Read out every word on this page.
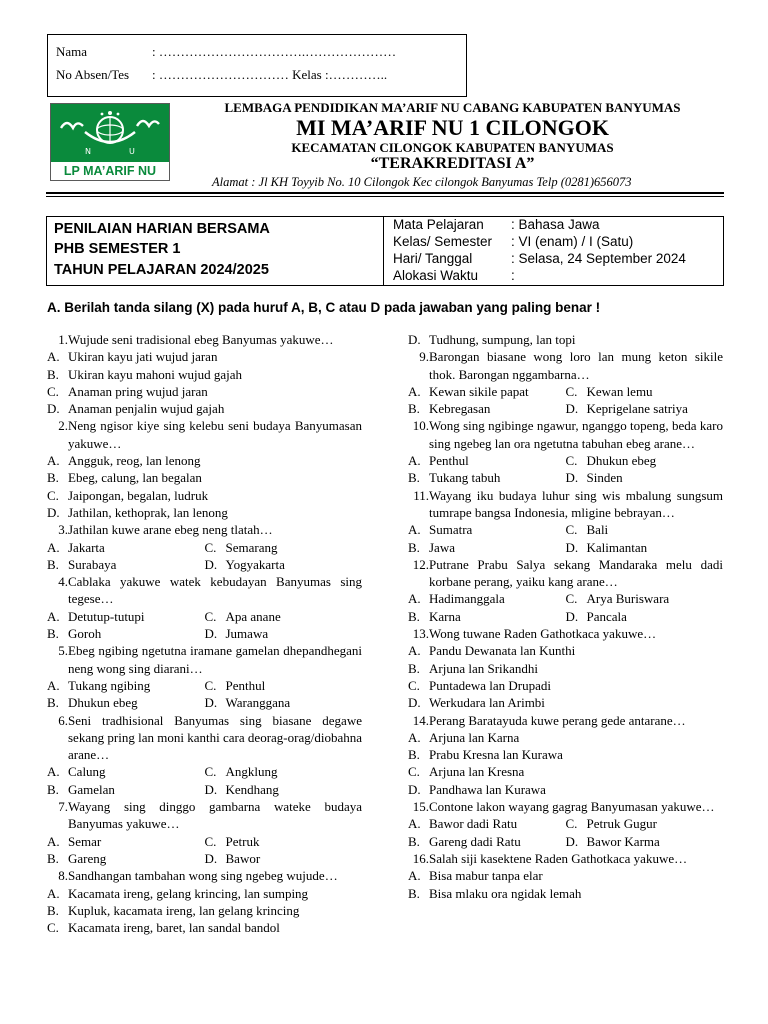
Nama	: …………………………….…………………
No Absen/Tes : ………………………… Kelas :…………..
N	U
LP MA’ARIF NU
LEMBAGA PENDIDIKAN MA’ARIF NU CABANG KABUPATEN BANYUMAS
MI MA’ARIF NU 1 CILONGOK
KECAMATAN CILONGOK KABUPATEN BANYUMAS
“TERAKREDITASI A”
Alamat : Jl KH Toyyib No. 10 Cilongok Kec cilongok Banyumas Telp (0281)656073
PENILAIAN HARIAN BERSAMA
PHB SEMESTER 1
TAHUN PELAJARAN 2024/2025
Mata Pelajaran : Bahasa Jawa
Kelas/ Semester : VI (enam) / I (Satu)
Hari/ Tanggal	: Selasa, 24 September 2024
Alokasi Waktu :
A. Berilah tanda silang (X) pada huruf A, B, C atau D pada jawaban yang paling benar !
1. Wujude seni tradisional ebeg Banyumas yakuwe…
A. Ukiran kayu jati wujud jaran
B. Ukiran kayu mahoni wujud gajah
C. Anaman pring wujud jaran
D. Anaman penjalin wujud gajah
2. Neng ngisor kiye sing kelebu seni budaya Banyumasan yakuwe…
A. Angguk, reog, lan lenong
B. Ebeg, calung, lan begalan
C. Jaipongan, begalan, ludruk
D. Jathilan, kethoprak, lan lenong
3. Jathilan kuwe arane ebeg neng tlatah…
A. Jakarta	C. Semarang
B. Surabaya	D. Yogyakarta
4. Cablaka yakuwe watek kebudayan Banyumas sing tegese…
A. Detutup-tutupi	C. Apa anane
B. Goroh	D. Jumawa
5. Ebeg ngibing ngetutna iramane gamelan dhepandhegani neng wong sing diarani…
A. Tukang ngibing	C. Penthul
B. Dhukun ebeg	D. Waranggana
6. Seni tradhisional Banyumas sing biasane degawe sekang pring lan moni kanthi cara deorag-orag/diobahna arane…
A. Calung	C. Angklung
B. Gamelan	D. Kendhang
7. Wayang sing dinggo gambarna wateke budaya Banyumas yakuwe…
A. Semar	C. Petruk
B. Gareng	D. Bawor
8. Sandhangan tambahan wong sing ngebeg wujude…
A. Kacamata ireng, gelang krincing, lan sumping
B. Kupluk, kacamata ireng, lan gelang krincing
C. Kacamata ireng, baret, lan sandal bandol
D. Tudhung, sumpung, lan topi
9. Barongan biasane wong loro lan mung keton sikile thok. Barongan nggambarna…
A. Kewan sikile papat	C. Kewan lemu
B. Kebregasan	D. Keprigelane satriya
10. Wong sing ngibinge ngawur, nganggo topeng, beda karo sing ngebeg lan ora ngetutna tabuhan ebeg arane…
A. Penthul	C. Dhukun ebeg
B. Tukang tabuh	D. Sinden
11. Wayang iku budaya luhur sing wis mbalung sungsum tumrape bangsa Indonesia, mligine bebrayan…
A. Sumatra	C. Bali
B. Jawa	D. Kalimantan
12. Putrane Prabu Salya sekang Mandaraka melu dadi korbane perang, yaiku kang arane…
A. Hadimanggala	C. Arya Buriswara
B. Karna	D. Pancala
13. Wong tuwane Raden Gathotkaca yakuwe…
A. Pandu Dewanata lan Kunthi
B. Arjuna lan Srikandhi
C. Puntadewa lan Drupadi
D. Werkudara lan Arimbi
14. Perang Baratayuda kuwe perang gede antarane…
A. Arjuna lan Karna
B. Prabu Kresna lan Kurawa
C. Arjuna lan Kresna
D. Pandhawa lan Kurawa
15. Contone lakon wayang gagrag Banyumasan yakuwe…
A. Bawor dadi Ratu	C. Petruk Gugur
B. Gareng dadi Ratu	D. Bawor Karma
16. Salah siji kasektene Raden Gathotkaca yakuwe…
A. Bisa mabur tanpa elar
B. Bisa mlaku ora ngidak lemah
